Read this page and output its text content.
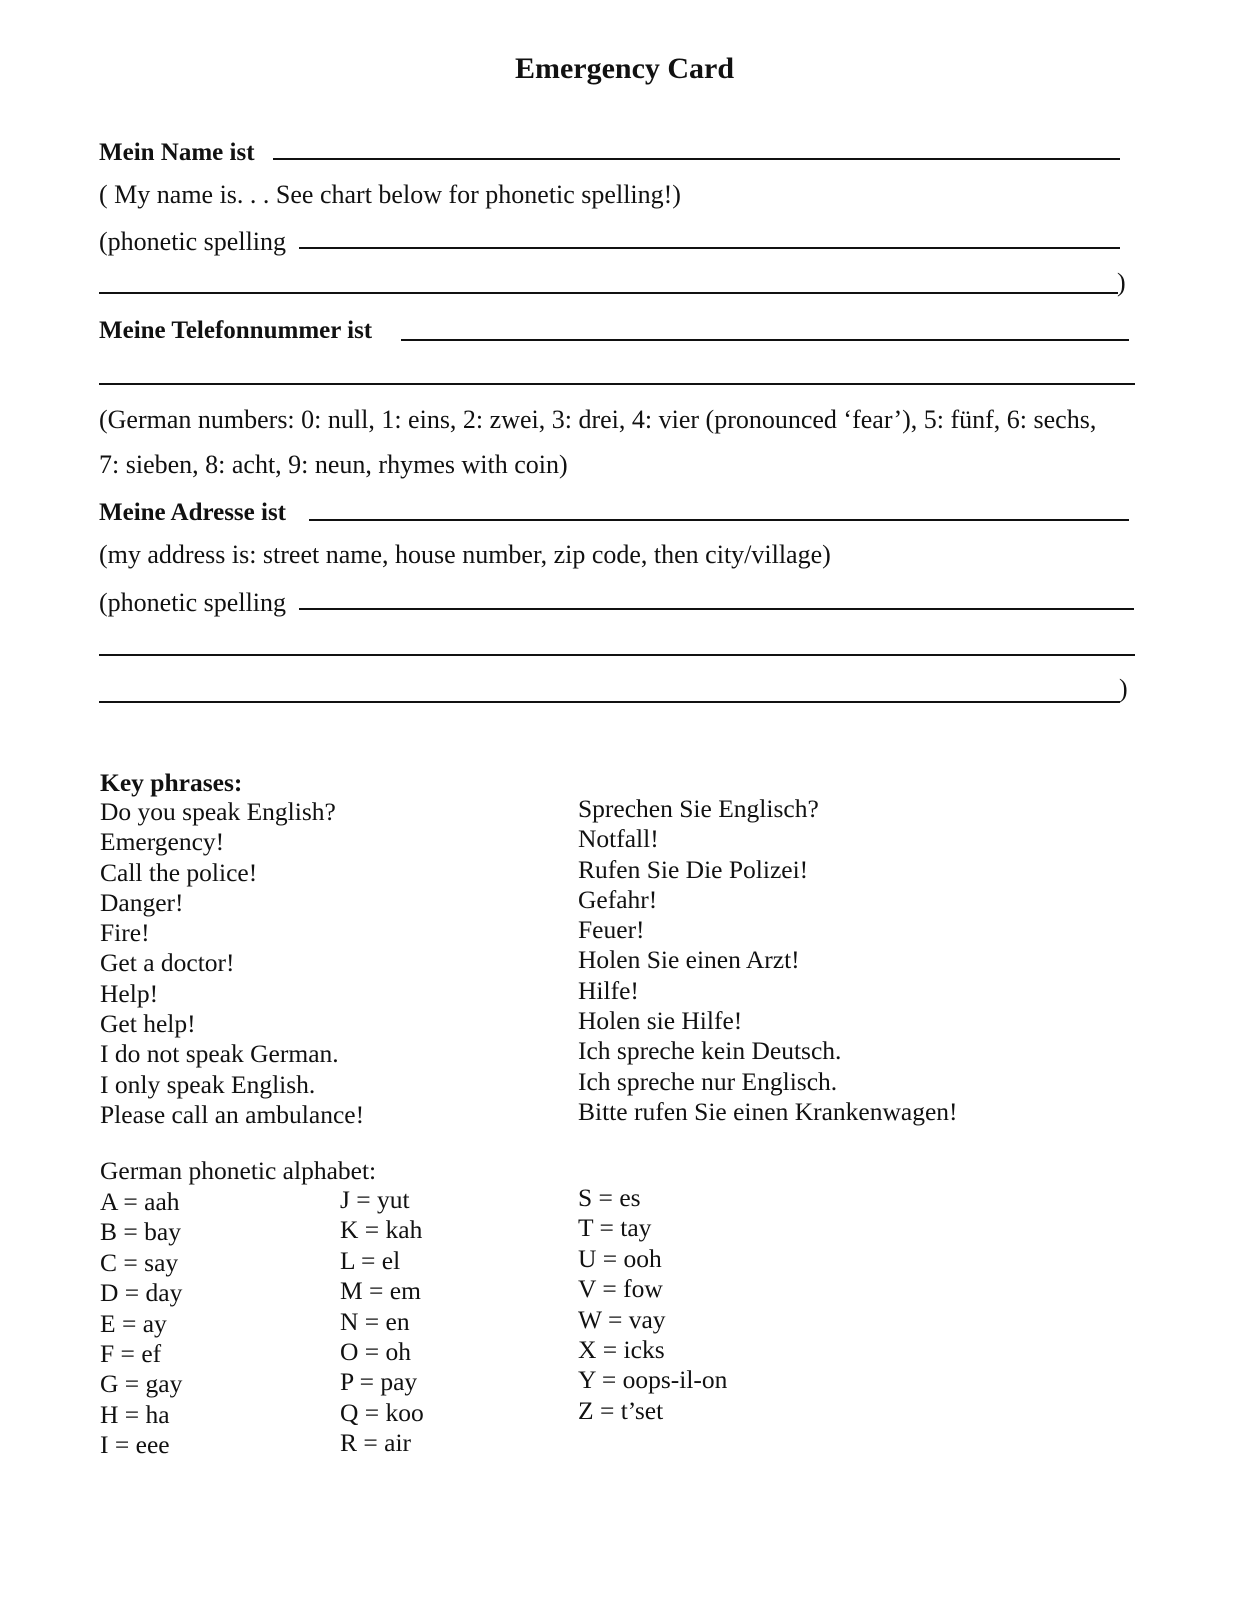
Emergency Card
Mein Name ist
( My name is. . . See chart below for phonetic spelling!)
(phonetic spelling
)
Meine Telefonnummer ist
(German numbers: 0: null, 1: eins, 2: zwei, 3: drei, 4: vier (pronounced ‘fear’), 5: fünf, 6: sechs,
7: sieben, 8: acht, 9: neun, rhymes with coin)
Meine Adresse ist
(my address is: street name, house number, zip code, then city/village)
(phonetic spelling
)
Key phrases:
Do you speak English?
Emergency!
Call the police!
Danger!
Fire!
Get a doctor!
Help!
Get help!
I do not speak German.
I only speak English.
Please call an ambulance!
Sprechen Sie Englisch?
Notfall!
Rufen Sie Die Polizei!
Gefahr!
Feuer!
Holen Sie einen Arzt!
Hilfe!
Holen sie Hilfe!
Ich spreche kein Deutsch.
Ich spreche nur Englisch.
Bitte rufen Sie einen Krankenwagen!
German phonetic alphabet:
A = aah
B = bay
C = say
D = day
E = ay
F = ef
G = gay
H = ha
I = eee
J = yut
K = kah
L = el
M = em
N = en
O = oh
P = pay
Q = koo
R = air
S = es
T = tay
U = ooh
V = fow
W = vay
X = icks
Y = oops-il-on
Z = t’set
